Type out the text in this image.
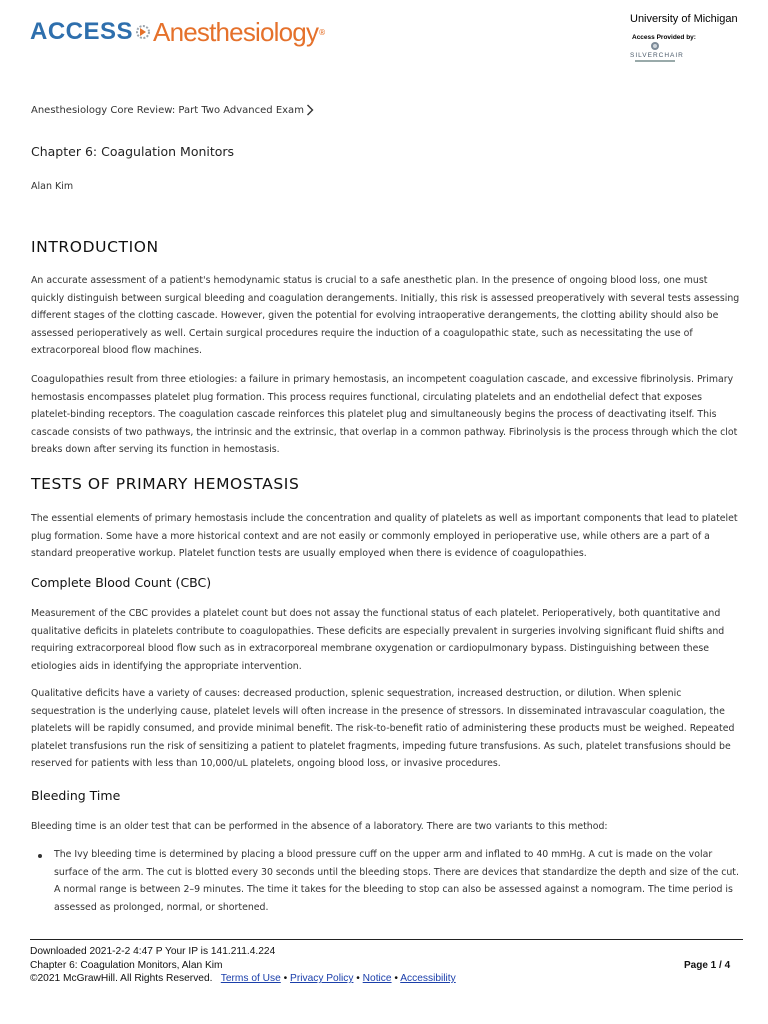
ACCESS Anesthesiology ®
University of Michigan
Access Provided by:
SILVERCHAIR
Anesthesiology Core Review: Part Two Advanced Exam
Chapter 6: Coagulation Monitors
Alan Kim
INTRODUCTION
An accurate assessment of a patient's hemodynamic status is crucial to a safe anesthetic plan. In the presence of ongoing blood loss, one must quickly distinguish between surgical bleeding and coagulation derangements. Initially, this risk is assessed preoperatively with several tests assessing different stages of the clotting cascade. However, given the potential for evolving intraoperative derangements, the clotting ability should also be assessed perioperatively as well. Certain surgical procedures require the induction of a coagulopathic state, such as necessitating the use of extracorporeal blood flow machines.
Coagulopathies result from three etiologies: a failure in primary hemostasis, an incompetent coagulation cascade, and excessive fibrinolysis. Primary hemostasis encompasses platelet plug formation. This process requires functional, circulating platelets and an endothelial defect that exposes platelet-binding receptors. The coagulation cascade reinforces this platelet plug and simultaneously begins the process of deactivating itself. This cascade consists of two pathways, the intrinsic and the extrinsic, that overlap in a common pathway. Fibrinolysis is the process through which the clot breaks down after serving its function in hemostasis.
TESTS OF PRIMARY HEMOSTASIS
The essential elements of primary hemostasis include the concentration and quality of platelets as well as important components that lead to platelet plug formation. Some have a more historical context and are not easily or commonly employed in perioperative use, while others are a part of a standard preoperative workup. Platelet function tests are usually employed when there is evidence of coagulopathies.
Complete Blood Count (CBC)
Measurement of the CBC provides a platelet count but does not assay the functional status of each platelet. Perioperatively, both quantitative and qualitative deficits in platelets contribute to coagulopathies. These deficits are especially prevalent in surgeries involving significant fluid shifts and requiring extracorporeal blood flow such as in extracorporeal membrane oxygenation or cardiopulmonary bypass. Distinguishing between these etiologies aids in identifying the appropriate intervention.
Qualitative deficits have a variety of causes: decreased production, splenic sequestration, increased destruction, or dilution. When splenic sequestration is the underlying cause, platelet levels will often increase in the presence of stressors. In disseminated intravascular coagulation, the platelets will be rapidly consumed, and provide minimal benefit. The risk-to-benefit ratio of administering these products must be weighed. Repeated platelet transfusions run the risk of sensitizing a patient to platelet fragments, impeding future transfusions. As such, platelet transfusions should be reserved for patients with less than 10,000/uL platelets, ongoing blood loss, or invasive procedures.
Bleeding Time
Bleeding time is an older test that can be performed in the absence of a laboratory. There are two variants to this method:
The Ivy bleeding time is determined by placing a blood pressure cuff on the upper arm and inflated to 40 mmHg. A cut is made on the volar surface of the arm. The cut is blotted every 30 seconds until the bleeding stops. There are devices that standardize the depth and size of the cut. A normal range is between 2–9 minutes. The time it takes for the bleeding to stop can also be assessed against a nomogram. The time period is assessed as prolonged, normal, or shortened.
Downloaded 2021-2-2 4:47 P Your IP is 141.211.4.224
Chapter 6: Coagulation Monitors, Alan Kim
©2021 McGrawHill. All Rights Reserved. Terms of Use • Privacy Policy • Notice • Accessibility
Page 1 / 4
